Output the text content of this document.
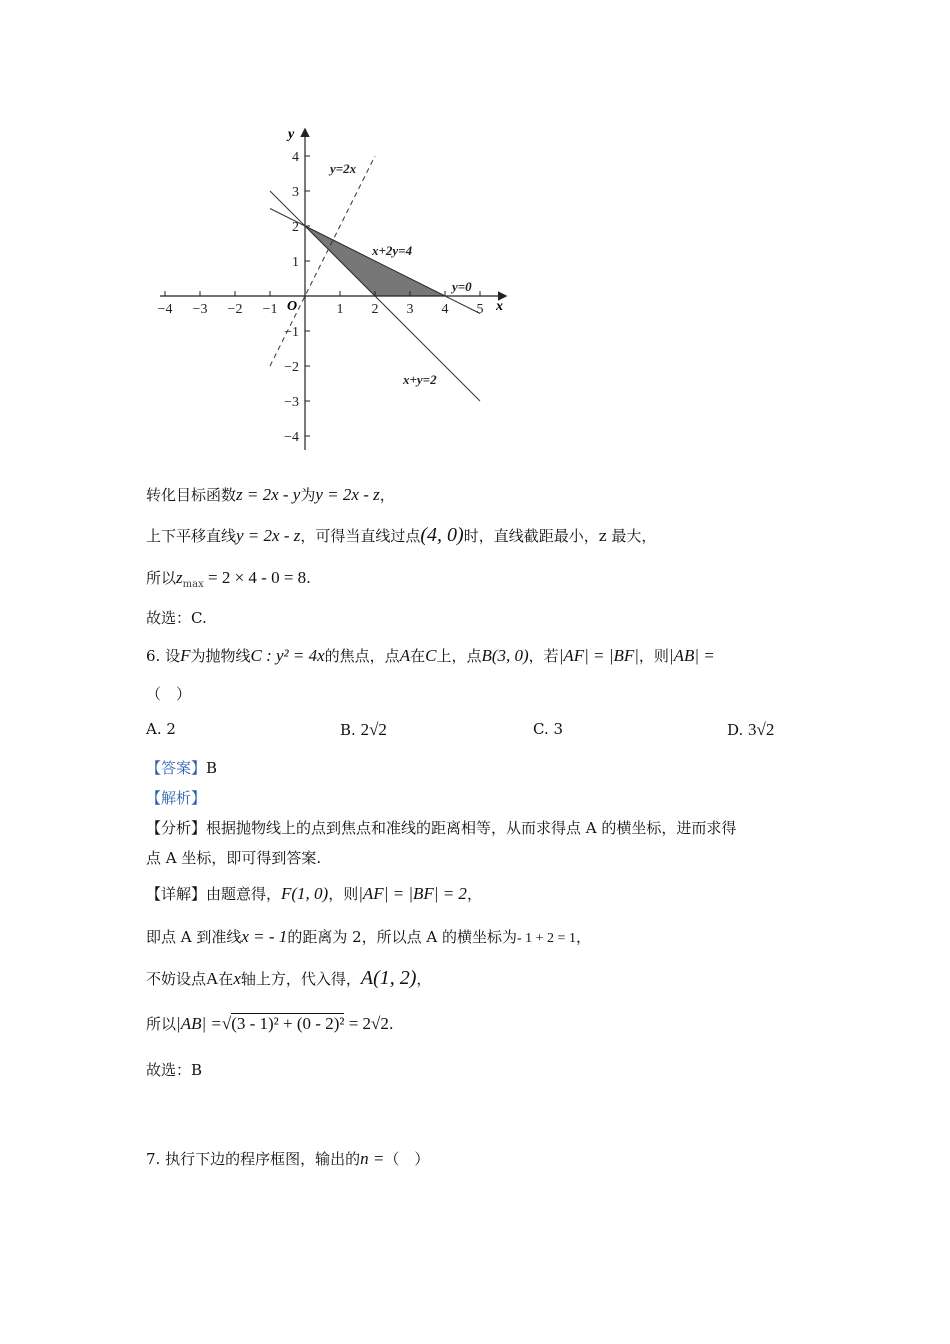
−4 −3 −2 −1	1 2 3 4 5
4
3
2
1
−1
−2
−3
−4
y
x
O
y=2x
x+2y=4
y=0
x+y=2
转化目标函数z = 2x - y为y = 2x - z，
上下平移直线y = 2x - z，可得当直线过点(4, 0)时，直线截距最小，z 最大，
所以$z_{max} = 2 \times 4 - 0 = 8$.
故选：C.
6. 设F为抛物线C : y² = 4x的焦点，点A在C上，点B(3, 0)，若|AF| = |BF|，则|AB| =
（　）
A. 2	B. 2√2	C. 3	D. 3√2
【答案】B
【解析】
【分析】根据抛物线上的点到焦点和准线的距离相等，从而求得点 A 的横坐标，进而求得
点 A 坐标，即可得到答案.
【详解】由题意得，F(1, 0)，则|AF| = |BF| = 2，
即点 A 到准线x = - 1的距离为 2，所以点 A 的横坐标为- 1 + 2 = 1，
不妨设点A在x轴上方，代入得，A(1, 2)，
所以|AB| =√(3 - 1)² + (0 - 2)² = 2√2.
故选：B
7. 执行下边的程序框图，输出的n =（　）
